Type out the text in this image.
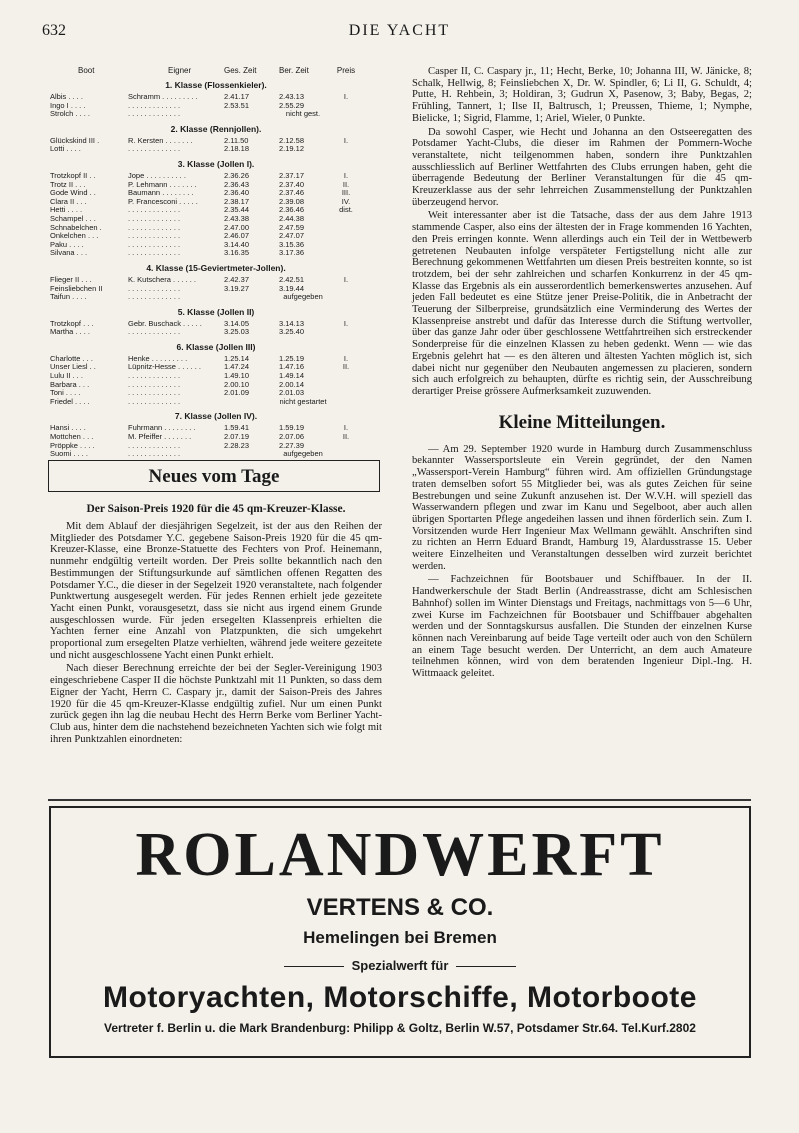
632	DIE YACHT
Boot	Eigner	Ges. Zeit	Ber. Zeit	Preis
1. Klasse (Flossenkieler).
Albis . . . .	Schramm . . . . . . . . .	2.41.17	2.43.13	I.
Ingo I . . . .	. . . . . . . . . . . . .	2.53.51	2.55.29
Strolch . . . .	. . . . . . . . . . . . .	nicht gest.
2. Klasse (Rennjollen).
Glückskind III .	R. Kersten . . . . . . .	2.11.50	2.12.58	I.
Lotti . . . .	. . . . . . . . . . . . .	2.18.18	2.19.12
3. Klasse (Jollen I).
Trotzkopf II . .	Jope . . . . . . . . . .	2.36.26	2.37.17	I.
Trotz II . . .	P. Lehmann . . . . . . .	2.36.43	2.37.40	II.
Gode Wind . .	Baumann . . . . . . . .	2.36.40	2.37.46	III.
Clara II . . .	P. Francesconi . . . . .	2.38.17	2.39.08	IV.
Hetti . . . .	. . . . . . . . . . . . .	2.35.44	2.36.46	dist.
Schampel . . .	. . . . . . . . . . . . .	2.43.38	2.44.38
Schnabelchen .	. . . . . . . . . . . . .	2.47.00	2.47.59
Onkelchen . . .	. . . . . . . . . . . . .	2.46.07	2.47.07
Paku . . . .	. . . . . . . . . . . . .	3.14.40	3.15.36
Silvana . . .	. . . . . . . . . . . . .	3.16.35	3.17.36
4. Klasse (15-Geviertmeter-Jollen).
Flieger II . . .	K. Kutschera . . . . . .	2.42.37	2.42.51	I.
Feinsliebchen II	. . . . . . . . . . . . .	3.19.27	3.19.44
Taifun . . . .	. . . . . . . . . . . . .	aufgegeben
5. Klasse (Jollen II)
Trotzkopf . . .	Gebr. Buschack . . . . .	3.14.05	3.14.13	I.
Martha . . . .	. . . . . . . . . . . . .	3.25.03	3.25.40
6. Klasse (Jollen III)
Charlotte . . .	Henke . . . . . . . . .	1.25.14	1.25.19	I.
Unser Liesl . .	Lüpnitz-Hesse . . . . . .	1.47.24	1.47.16	II.
Lulu II . . .	. . . . . . . . . . . . .	1.49.10	1.49.14
Barbara . . .	. . . . . . . . . . . . .	2.00.10	2.00.14
Toni . . . .	. . . . . . . . . . . . .	2.01.09	2.01.03
Friedel . . . .	. . . . . . . . . . . . .	nicht gestartet
7. Klasse (Jollen IV).
Hansi . . . .	Fuhrmann . . . . . . . .	1.59.41	1.59.19	I.
Mottchen . . .	M. Pfeiffer . . . . . . .	2.07.19	2.07.06	II.
Pröppke . . . .	. . . . . . . . . . . . .	2.28.23	2.27.39
Suomi . . . .	. . . . . . . . . . . . .	aufgegeben
Neues vom Tage
Der Saison-Preis 1920 für die 45 qm-Kreuzer-Klasse.

Mit dem Ablauf der diesjährigen Segelzeit, ist der aus den Reihen der Mitglieder des Potsdamer Y.C. gegebene Saison-Preis 1920 für die 45 qm-Kreuzer-Klasse, eine Bronze-Statuette des Fechters von Prof. Heinemann, nunmehr endgültig verteilt worden. Der Preis sollte bekanntlich nach den Bestimmungen der Stiftungsurkunde auf sämtlichen offenen Regatten des Potsdamer Y.C., die dieser in der Segelzeit 1920 veranstaltete, nach folgender Punktwertung ausgesegelt werden. Für jedes Rennen erhielt jede gezeitete Yacht einen Punkt, vorausgesetzt, dass sie nicht aus irgend einem Grunde ausgeschlossen wurde. Für jeden ersegelten Klassenpreis erhielten die Yachten ferner eine Anzahl von Platzpunkten, die sich umgekehrt proportional zum ersegelten Platze verhielten, während jede weitere gezeitete und nicht ausgeschlossene Yacht einen Punkt erhielt.

Nach dieser Berechnung erreichte der bei der Segler-Vereinigung 1903 eingeschriebene Casper II die höchste Punktzahl mit 11 Punkten, so dass dem Eigner der Yacht, Herrn C. Caspary jr., damit der Saison-Preis des Jahres 1920 für die 45 qm-Kreuzer-Klasse endgültig zufiel. Nur um einen Punkt zurück gegen ihn lag die neubau Hecht des Herrn Berke vom Berliner Yacht-Club aus, hinter dem die nachstehend bezeichneten Yachten sich wie folgt mit ihren Punktzahlen einordneten:

Casper II, C. Caspary jr., 11; Hecht, Berke, 10; Johanna III, W. Jänicke, 8; Schalk, Hellwig, 8; Feinsliebchen X, Dr. W. Spindler, 6; Li II, G. Schuldt, 4; Putte, H. Rehbein, 3; Holdiran, 3; Gudrun X, Pasenow, 3; Baby, Begas, 2; Frühling, Tannert, 1; Ilse II, Baltrusch, 1; Preussen, Thieme, 1; Nymphe, Bielicke, 1; Sigrid, Flamme, 1; Ariel, Wieler, 0 Punkte.

Da sowohl Casper, wie Hecht und Johanna an den Ostseeregatten des Potsdamer Yacht-Clubs, die dieser im Rahmen der Pommern-Woche veranstaltete, nicht teilgenommen haben, sondern ihre Punktzahlen ausschliesslich auf Berliner Wettfahrten des Clubs errungen haben, geht die überragende Bedeutung der Berliner Veranstaltungen für die 45 qm-Kreuzerklasse aus der sehr lehrreichen Zusammenstellung der Punktzahlen überzeugend hervor.

Weit interessanter aber ist die Tatsache, dass der aus dem Jahre 1913 stammende Casper, also eins der ältesten der in Frage kommenden 16 Yachten, den Preis erringen konnte. Wenn allerdings auch ein Teil der in Wettbewerb getretenen Neubauten infolge verspäteter Fertigstellung nicht alle zur Berechnung gekommenen Wettfahrten um diesen Preis bestreiten konnte, so ist trotzdem, bei der sehr zahlreichen und scharfen Konkurrenz in der 45 qm-Klasse das Ergebnis als ein ausserordentlich bemerkenswertes anzusehen. Auf jeden Fall bedeutet es eine Stütze jener Preise-Politik, die in Anbetracht der Teuerung der Silberpreise, grundsätzlich eine Verminderung des Wertes der Klassenpreise anstrebt und dafür das Interesse durch die Stiftung wertvoller, über das ganze Jahr oder über geschlossene Wettfahrtreihen sich erstreckender Sonderpreise für die einzelnen Klassen zu heben gedenkt. Wenn — wie das Ergebnis gelehrt hat — es den älteren und ältesten Yachten möglich ist, sich dabei nicht nur gegenüber den Neubauten angemessen zu placieren, sondern sich auch erfolgreich zu behaupten, dürfte es richtig sein, der Ausschreibung derartiger Preise grössere Aufmerksamkeit zuzuwenden.

Kleine Mitteilungen.

— Am 29. September 1920 wurde in Hamburg durch Zusammenschluss bekannter Wassersportsleute ein Verein gegründet, der den Namen „Wassersport-Verein Hamburg“ führen wird. Am offiziellen Gründungstage traten demselben sofort 55 Mitglieder bei, was als gutes Zeichen für seine Bestrebungen und seine Zukunft anzusehen ist. Der W.V.H. will speziell das Wasserwandern pflegen und zwar im Kanu und Segelboot, aber auch allen übrigen Sportarten Pflege angedeihen lassen und ihnen förderlich sein. Zum I. Vorsitzenden wurde Herr Ingenieur Max Wellmann gewählt. Anschriften sind zu richten an Herrn Eduard Brandt, Hamburg 19, Alardusstrasse 15. Ueber weitere Einzelheiten und Veranstaltungen desselben wird zurzeit berichtet werden.

— Fachzeichnen für Bootsbauer und Schiffbauer. In der II. Handwerkerschule der Stadt Berlin (Andreasstrasse, dicht am Schlesischen Bahnhof) sollen im Winter Dienstags und Freitags, nachmittags von 5—6 Uhr, zwei Kurse im Fachzeichnen für Bootsbauer und Schiffbauer abgehalten werden und der Sonntagskursus ausfallen. Die Stunden der einzelnen Kurse können nach Vereinbarung auf beide Tage verteilt oder auch von den Schülern an einem Tage besucht werden. Der Unterricht, an dem auch Amateure teilnehmen können, wird von dem beratenden Ingenieur Dipl.-Ing. H. Wittmaack geleitet.

ROLANDWERFT
VERTENS & CO.
Hemelingen bei Bremen
Spezialwerft für
Motoryachten, Motorschiffe, Motorboote
Vertreter f. Berlin u. die Mark Brandenburg: Philipp & Goltz, Berlin W.57, Potsdamer Str.64. Tel.Kurf.2802
